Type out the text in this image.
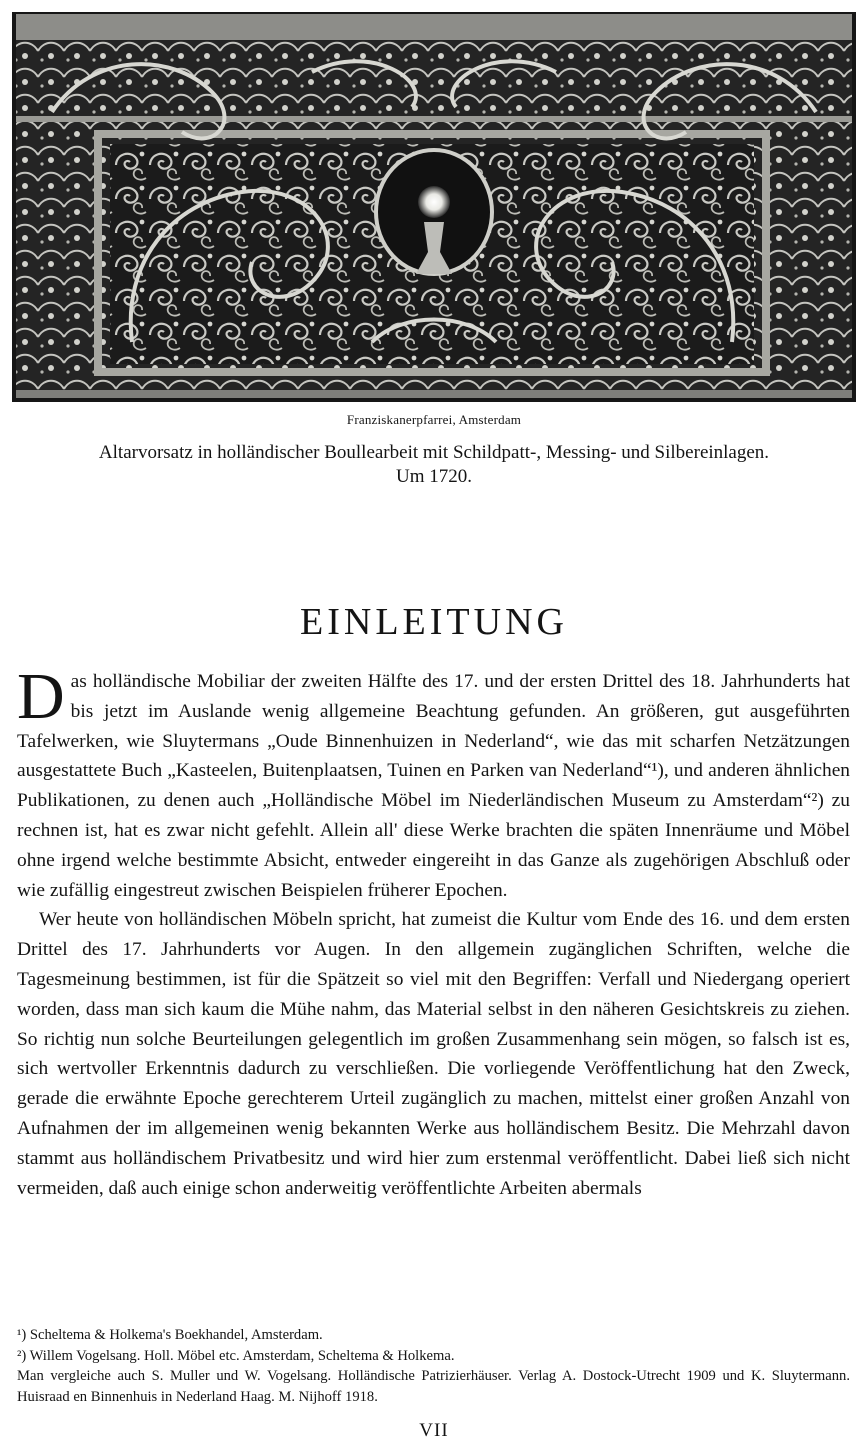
Franziskanerpfarrei, Amsterdam
Altarvorsatz in holländischer Boullearbeit mit Schildpatt-, Messing- und Silbereinlagen.
Um 1720.
EINLEITUNG

Das holländische Mobiliar der zweiten Hälfte des 17. und der ersten Drittel des 18. Jahrhunderts hat bis jetzt im Auslande wenig allgemeine Beachtung gefunden. An größeren, gut ausgeführten Tafelwerken, wie Sluytermans „Oude Binnenhuizen in Nederland“, wie das mit scharfen Netzätzungen ausgestattete Buch „Kasteelen, Buitenplaatsen, Tuinen en Parken van Nederland“¹), und anderen ähnlichen Publikationen, zu denen auch „Holländische Möbel im Niederländischen Museum zu Amsterdam“²) zu rechnen ist, hat es zwar nicht gefehlt. Allein all' diese Werke brachten die späten Innenräume und Möbel ohne irgend welche bestimmte Absicht, entweder eingereiht in das Ganze als zugehörigen Abschluß oder wie zufällig eingestreut zwischen Beispielen früherer Epochen.

Wer heute von holländischen Möbeln spricht, hat zumeist die Kultur vom Ende des 16. und dem ersten Drittel des 17. Jahrhunderts vor Augen. In den allgemein zugänglichen Schriften, welche die Tagesmeinung bestimmen, ist für die Spätzeit so viel mit den Begriffen: Verfall und Niedergang operiert worden, dass man sich kaum die Mühe nahm, das Material selbst in den näheren Gesichtskreis zu ziehen. So richtig nun solche Beurteilungen gelegentlich im großen Zusammenhang sein mögen, so falsch ist es, sich wertvoller Erkenntnis dadurch zu verschließen. Die vorliegende Veröffentlichung hat den Zweck, gerade die erwähnte Epoche gerechterem Urteil zugänglich zu machen, mittelst einer großen Anzahl von Aufnahmen der im allgemeinen wenig bekannten Werke aus holländischem Besitz. Die Mehrzahl davon stammt aus holländischem Privatbesitz und wird hier zum erstenmal veröffentlicht. Dabei ließ sich nicht vermeiden, daß auch einige schon anderweitig veröffentlichte Arbeiten abermals

¹) Scheltema & Holkema's Boekhandel, Amsterdam.
²) Willem Vogelsang. Holl. Möbel etc. Amsterdam, Scheltema & Holkema.
Man vergleiche auch S. Muller und W. Vogelsang. Holländische Patrizierhäuser. Verlag A. Dostock-Utrecht 1909 und K. Sluytermann. Huisraad en Binnenhuis in Nederland Haag. M. Nijhoff 1918.
VII
